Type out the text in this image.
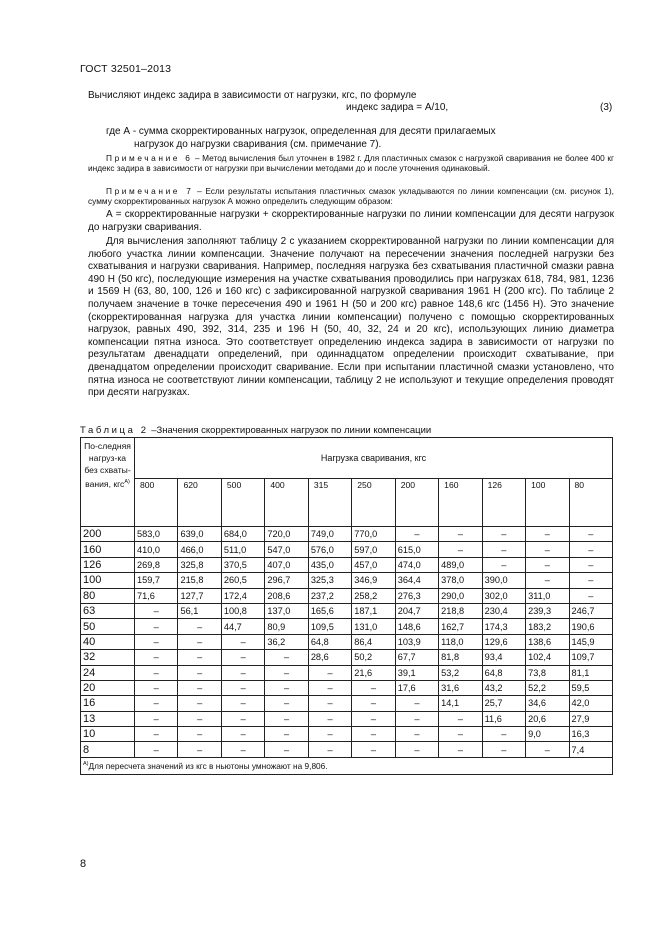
ГОСТ 32501–2013
Вычисляют индекс задира в зависимости от нагрузки, кгс, по формуле
индекс задира = A/10,	(3)
где А - сумма скорректированных нагрузок, определенная для десяти прилагаемых
нагрузок до нагрузки сваривания (см. примечание 7).
Примечание 6 – Метод вычисления был уточнен в 1982 г. Для пластичных смазок с нагрузкой сваривания не более 400 кг индекс задира в зависимости от нагрузки при вычислении методами до и после уточнения одинаковый.
Примечание 7 – Если результаты испытания пластичных смазок укладываются по линии компенсации (см. рисунок 1), сумму скорректированных нагрузок А можно определить следующим образом:
А = скорректированные нагрузки + скорректированные нагрузки по линии компенсации для десяти нагрузок до нагрузки сваривания.
Для вычисления заполняют таблицу 2 с указанием скорректированной нагрузки по линии компенсации для любого участка линии компенсации. Значение получают на пересечении значения последней нагрузки без схватывания и нагрузки сваривания. Например, последняя нагрузка без схватывания пластичной смазки равна 490 Н (50 кгс), последующие измерения на участке схватывания проводились при нагрузках 618, 784, 981, 1236 и 1569 Н (63, 80, 100, 126 и 160 кгс) с зафиксированной нагрузкой сваривания 1961 Н (200 кгс). По таблице 2 получаем значение в точке пересечения 490 и 1961 Н (50 и 200 кгс) равное 148,6 кгс (1456 Н). Это значение (скорректированная нагрузка для участка линии компенсации) получено с помощью скорректированных нагрузок, равных 490, 392, 314, 235 и 196 Н (50, 40, 32, 24 и 20 кгс), использующих линию диаметра компенсации пятна износа. Это соответствует определению индекса задира в зависимости от нагрузки по результатам двенадцати определений, при одиннадцатом определении происходит схватывание, при двенадцатом определении происходит сваривание. Если при испытании пластичной смазки установлено, что пятна износа не соответствуют линии компенсации, таблицу 2 не используют и текущие определения проводят при десяти нагрузках.
Таблица 2 –Значения скорректированных нагрузок по линии компенсации
По-следняя нагруз-ка без схваты-вания, кгс$^{А)}$	Нагрузка сваривания, кгс										
	800	620	500	400	315	250	200	160	126	100	80
200	583,0	639,0	684,0	720,0	749,0	770,0	–	–	–	–	–
160	410,0	466,0	511,0	547,0	576,0	597,0	615,0	–	–	–	–
126	269,8	325,8	370,5	407,0	435,0	457,0	474,0	489,0	–	–	–
100	159,7	215,8	260,5	296,7	325,3	346,9	364,4	378,0	390,0	–	–
80	71,6	127,7	172,4	208,6	237,2	258,2	276,3	290,0	302,0	311,0	–
63	–	56,1	100,8	137,0	165,6	187,1	204,7	218,8	230,4	239,3	246,7
50	–	–	44,7	80,9	109,5	131,0	148,6	162,7	174,3	183,2	190,6
40	–	–	–	36,2	64,8	86,4	103,9	118,0	129,6	138,6	145,9
32	–	–	–	–	28,6	50,2	67,7	81,8	93,4	102,4	109,7
24	–	–	–	–	–	21,6	39,1	53,2	64,8	73,8	81,1
20	–	–	–	–	–	–	17,6	31,6	43,2	52,2	59,5
16	–	–	–	–	–	–	–	14,1	25,7	34,6	42,0
13	–	–	–	–	–	–	–	–	11,6	20,6	27,9
10	–	–	–	–	–	–	–	–	–	9,0	16,3
8	–	–	–	–	–	–	–	–	–	–	7,4
$^{А)}$Для пересчета значений из кгс в ньютоны умножают на 9,806.											
8
